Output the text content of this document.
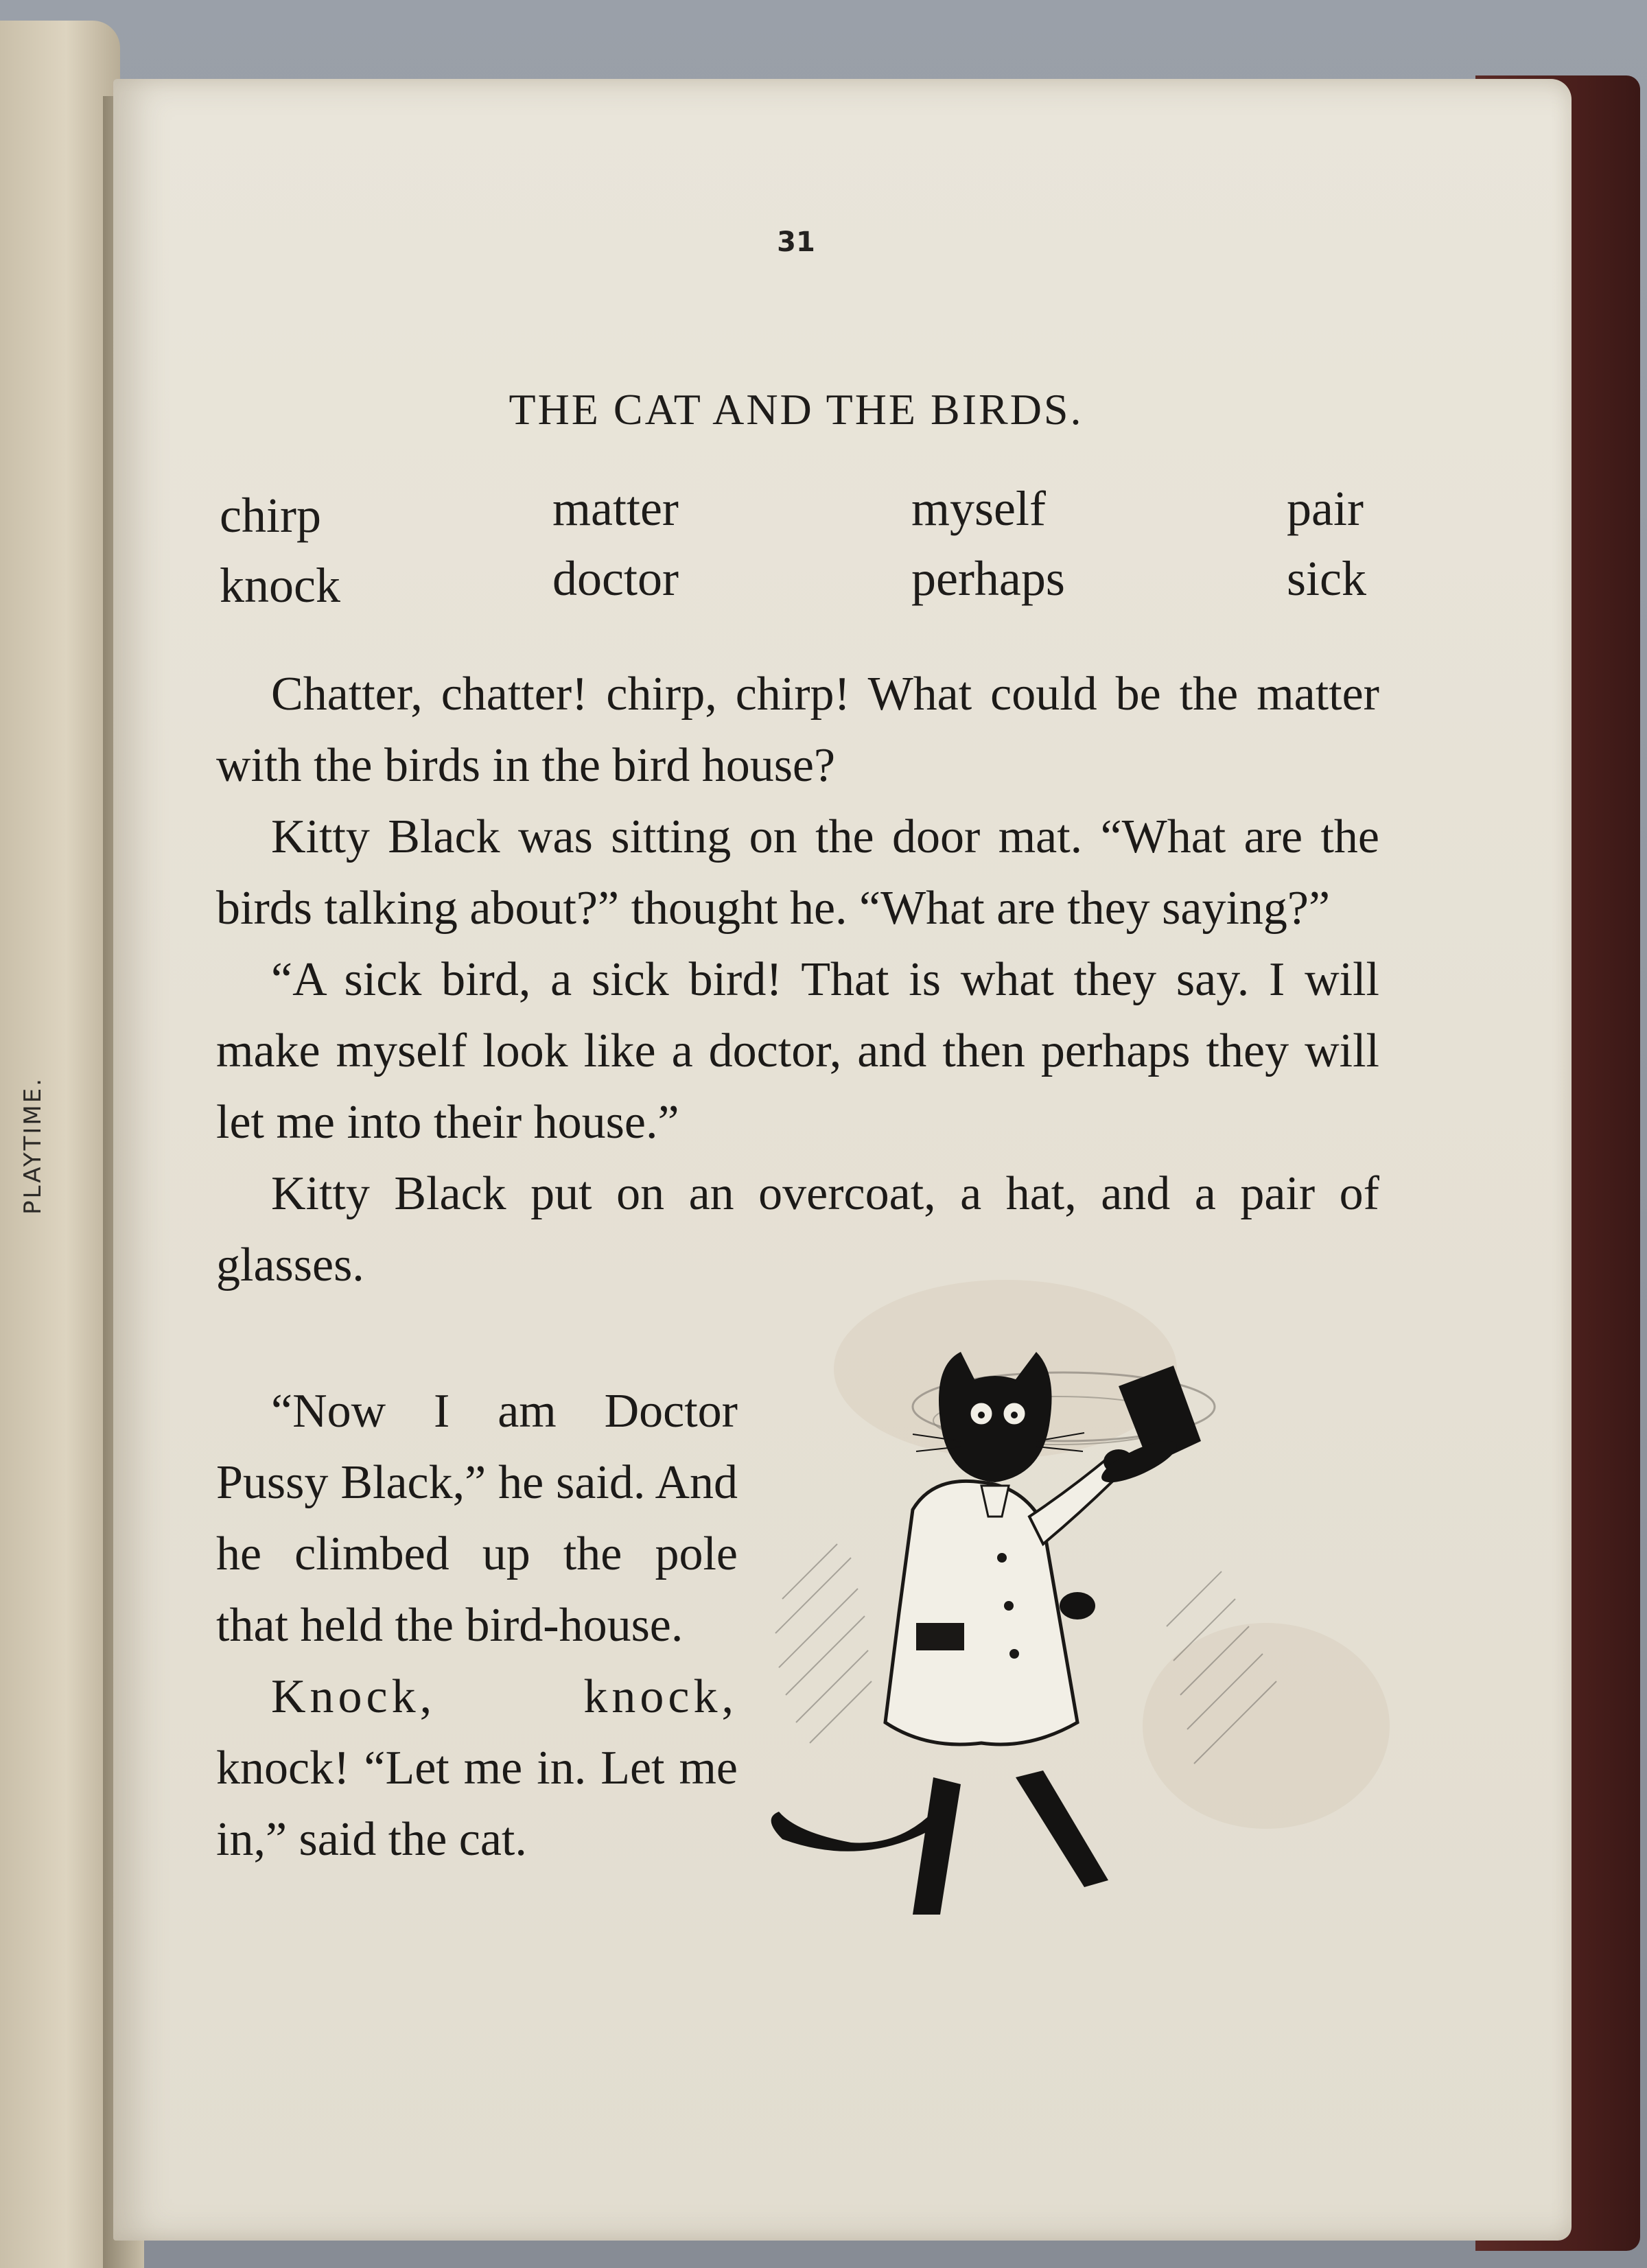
PLAYTIME.
31
THE CAT AND THE BIRDS.
chirp
knock
matter
doctor
myself
perhaps
pair
sick

Chatter, chatter! chirp, chirp! What could be the matter with the birds in the bird house?

Kitty Black was sitting on the door mat. “What are the birds talking about?” thought he. “What are they saying?”

“A sick bird, a sick bird! That is what they say. I will make myself look like a doctor, and then perhaps they will let me into their house.”

Kitty Black put on an overcoat, a hat, and a pair of glasses.

“Now I am Doctor Pussy Black,” he said. And he climbed up the pole that held the bird-house.

Knock, knock,

knock! “Let me in. Let me in,” said the cat.
